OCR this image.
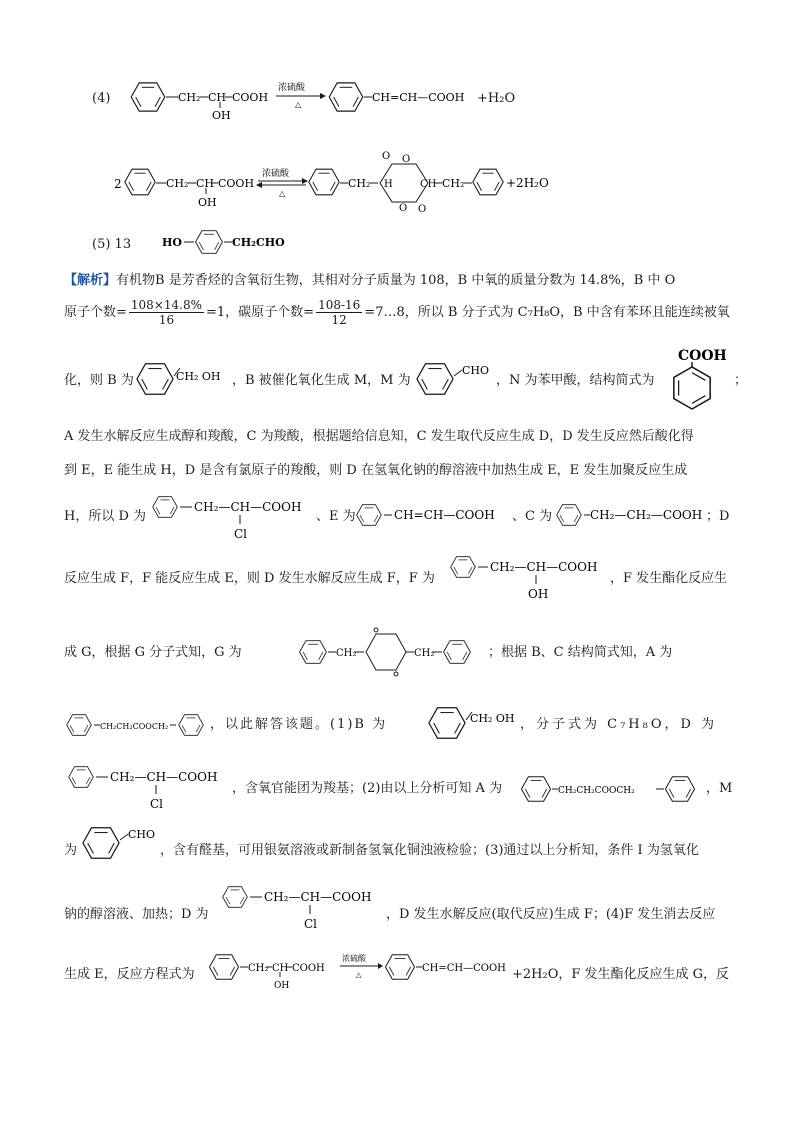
(4)	CH₂ CH
OH
COOH
浓硫酸
△
CH=CH—COOH +H₂O
2	CH₂ CH
OH
COOH
浓硫酸
△
CH₂
O O
H
O O
CH CH₂	+2H₂O
(5) 13	HO	CH₂CHO
【解析】有机物B 是芳香烃的含氧衍生物，其相对分子质量为 108，B 中氧的质量分数为 14.8%，B 中 O
原子个数= $\frac{108\times 14.8\%}{16} =1$，碳原子个数= $\frac{108-16}{12}$ =7…8，所以 B 分子式为 C₇H₈O，B 中含有苯环且能连续被氧
化，则 B 为	CH₂ OH ，B 被催化氧化生成 M，M 为
CHO
，N 为苯甲酸，结构简式为
COOH
；
A 发生水解反应生成醇和羧酸，C 为羧酸，根据题给信息知，C 发生取代反应生成 D，D 发生反应然后酸化得
到 E，E 能生成 H，D 是含有氯原子的羧酸，则 D 在氢氧化钠的醇溶液中加热生成 E，E 发生加聚反应生成
H，所以 D 为
CH₂—CH—COOH
Cl
、E 为	CH=CH—COOH 、C 为	CH₂—CH₂—COOH ；D
反应生成 F，F 能反应生成 E，则 D 发生水解反应生成 F，F 为
CH₂—CH—COOH
OH
，F 发生酯化反应生
成 G，根据 G 分子式知，G 为	CH₂	CH₂	；根据 B、C 结构简式知，A 为
CH₂CH₂COOCH₂	，以此解答该题。(1)B 为	CH₂ OH ，分子式为 C₇H₈O，D 为
CH₂—CH—COOH
Cl
，含氧官能团为羧基；(2)由以上分析可知 A 为	CH₂CH₂COOCH₂	，M
为
CHO
，含有醛基，可用银氨溶液或新制备氢氧化铜浊液检验；(3)通过以上分析知，条件 I 为氢氧化
钠的醇溶液、加热；D 为
CH₂—CH—COOH
Cl
，D 发生水解反应(取代反应)生成 F；(4)F 发生消去反应
生成 E，反应方程式为	CH₂ CH
OH
COOH
浓硫酸
△
CH=CH—COOH +2H₂O，F 发生酯化反应生成 G，反
